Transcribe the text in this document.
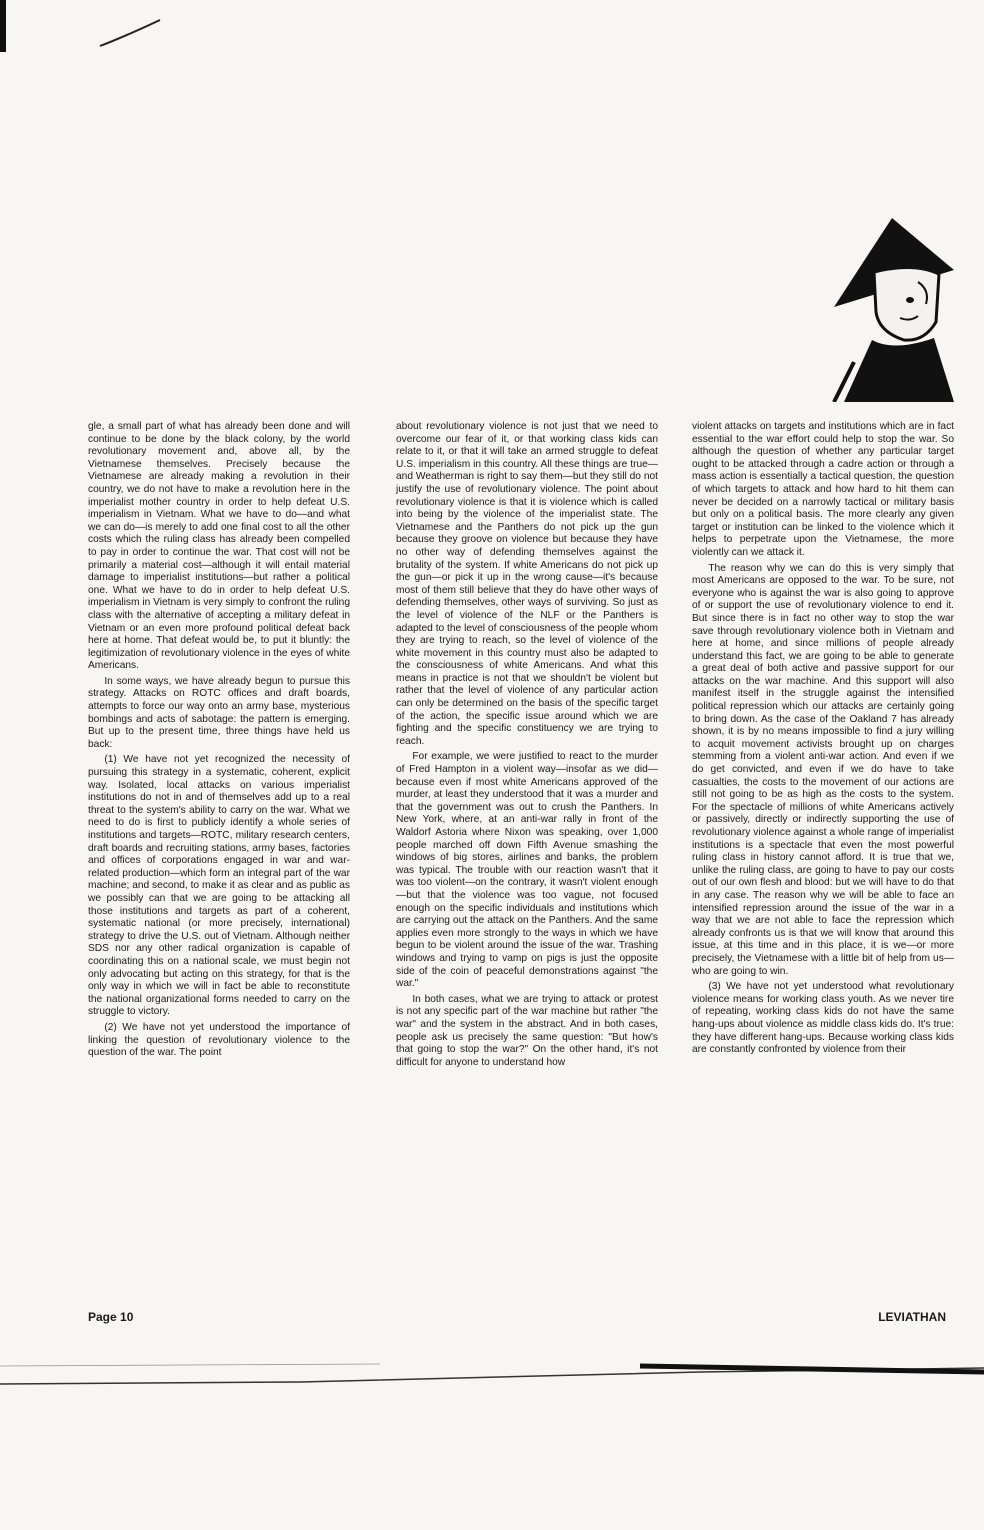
gle, a small part of what has already been done and will continue to be done by the black colony, by the world revolutionary movement and, above all, by the Vietnamese themselves. Precisely because the Vietnamese are already making a revolution in their country, we do not have to make a revolution here in the imperialist mother country in order to help defeat U.S. imperialism in Vietnam. What we have to do—and what we can do—is merely to add one final cost to all the other costs which the ruling class has already been compelled to pay in order to continue the war. That cost will not be primarily a material cost—although it will entail material damage to imperialist institutions—but rather a political one. What we have to do in order to help defeat U.S. imperialism in Vietnam is very simply to confront the ruling class with the alternative of accepting a military defeat in Vietnam or an even more profound political defeat back here at home. That defeat would be, to put it bluntly: the legitimization of revolutionary violence in the eyes of white Americans.

In some ways, we have already begun to pursue this strategy. Attacks on ROTC offices and draft boards, attempts to force our way onto an army base, mysterious bombings and acts of sabotage: the pattern is emerging. But up to the present time, three things have held us back:

(1) We have not yet recognized the necessity of pursuing this strategy in a systematic, coherent, explicit way. Isolated, local attacks on various imperialist institutions do not in and of themselves add up to a real threat to the system's ability to carry on the war. What we need to do is first to publicly identify a whole series of institutions and targets—ROTC, military research centers, draft boards and recruiting stations, army bases, factories and offices of corporations engaged in war and war-related production—which form an integral part of the war machine; and second, to make it as clear and as public as we possibly can that we are going to be attacking all those institutions and targets as part of a coherent, systematic national (or more precisely, international) strategy to drive the U.S. out of Vietnam. Although neither SDS nor any other radical organization is capable of coordinating this on a national scale, we must begin not only advocating but acting on this strategy, for that is the only way in which we will in fact be able to reconstitute the national organizational forms needed to carry on the struggle to victory.

(2) We have not yet understood the importance of linking the question of revolutionary violence to the question of the war. The point

about revolutionary violence is not just that we need to overcome our fear of it, or that working class kids can relate to it, or that it will take an armed struggle to defeat U.S. imperialism in this country. All these things are true—and Weatherman is right to say them—but they still do not justify the use of revolutionary violence. The point about revolutionary violence is that it is violence which is called into being by the violence of the imperialist state. The Vietnamese and the Panthers do not pick up the gun because they groove on violence but because they have no other way of defending themselves against the brutality of the system. If white Americans do not pick up the gun—or pick it up in the wrong cause—it's because most of them still believe that they do have other ways of defending themselves, other ways of surviving. So just as the level of violence of the NLF or the Panthers is adapted to the level of consciousness of the people whom they are trying to reach, so the level of violence of the white movement in this country must also be adapted to the consciousness of white Americans. And what this means in practice is not that we shouldn't be violent but rather that the level of violence of any particular action can only be determined on the basis of the specific target of the action, the specific issue around which we are fighting and the specific constituency we are trying to reach.

For example, we were justified to react to the murder of Fred Hampton in a violent way—insofar as we did—because even if most white Americans approved of the murder, at least they understood that it was a murder and that the government was out to crush the Panthers. In New York, where, at an anti-war rally in front of the Waldorf Astoria where Nixon was speaking, over 1,000 people marched off down Fifth Avenue smashing the windows of big stores, airlines and banks, the problem was typical. The trouble with our reaction wasn't that it was too violent—on the contrary, it wasn't violent enough—but that the violence was too vague, not focused enough on the specific individuals and institutions which are carrying out the attack on the Panthers. And the same applies even more strongly to the ways in which we have begun to be violent around the issue of the war. Trashing windows and trying to vamp on pigs is just the opposite side of the coin of peaceful demonstrations against "the war."

In both cases, what we are trying to attack or protest is not any specific part of the war machine but rather "the war" and the system in the abstract. And in both cases, people ask us precisely the same question: "But how's that going to stop the war?" On the other hand, it's not difficult for anyone to understand how

violent attacks on targets and institutions which are in fact essential to the war effort could help to stop the war. So although the question of whether any particular target ought to be attacked through a cadre action or through a mass action is essentially a tactical question, the question of which targets to attack and how hard to hit them can never be decided on a narrowly tactical or military basis but only on a political basis. The more clearly any given target or institution can be linked to the violence which it helps to perpetrate upon the Vietnamese, the more violently can we attack it.

The reason why we can do this is very simply that most Americans are opposed to the war. To be sure, not everyone who is against the war is also going to approve of or support the use of revolutionary violence to end it. But since there is in fact no other way to stop the war save through revolutionary violence both in Vietnam and here at home, and since millions of people already understand this fact, we are going to be able to generate a great deal of both active and passive support for our attacks on the war machine. And this support will also manifest itself in the struggle against the intensified political repression which our attacks are certainly going to bring down. As the case of the Oakland 7 has already shown, it is by no means impossible to find a jury willing to acquit movement activists brought up on charges stemming from a violent anti-war action. And even if we do get convicted, and even if we do have to take casualties, the costs to the movement of our actions are still not going to be as high as the costs to the system. For the spectacle of millions of white Americans actively or passively, directly or indirectly supporting the use of revolutionary violence against a whole range of imperialist institutions is a spectacle that even the most powerful ruling class in history cannot afford. It is true that we, unlike the ruling class, are going to have to pay our costs out of our own flesh and blood: but we will have to do that in any case. The reason why we will be able to face an intensified repression around the issue of the war in a way that we are not able to face the repression which already confronts us is that we will know that around this issue, at this time and in this place, it is we—or more precisely, the Vietnamese with a little bit of help from us—who are going to win.

(3) We have not yet understood what revolutionary violence means for working class youth. As we never tire of repeating, working class kids do not have the same hang-ups about violence as middle class kids do. It's true: they have different hang-ups. Because working class kids are constantly confronted by violence from their

Page 10	LEVIATHAN
